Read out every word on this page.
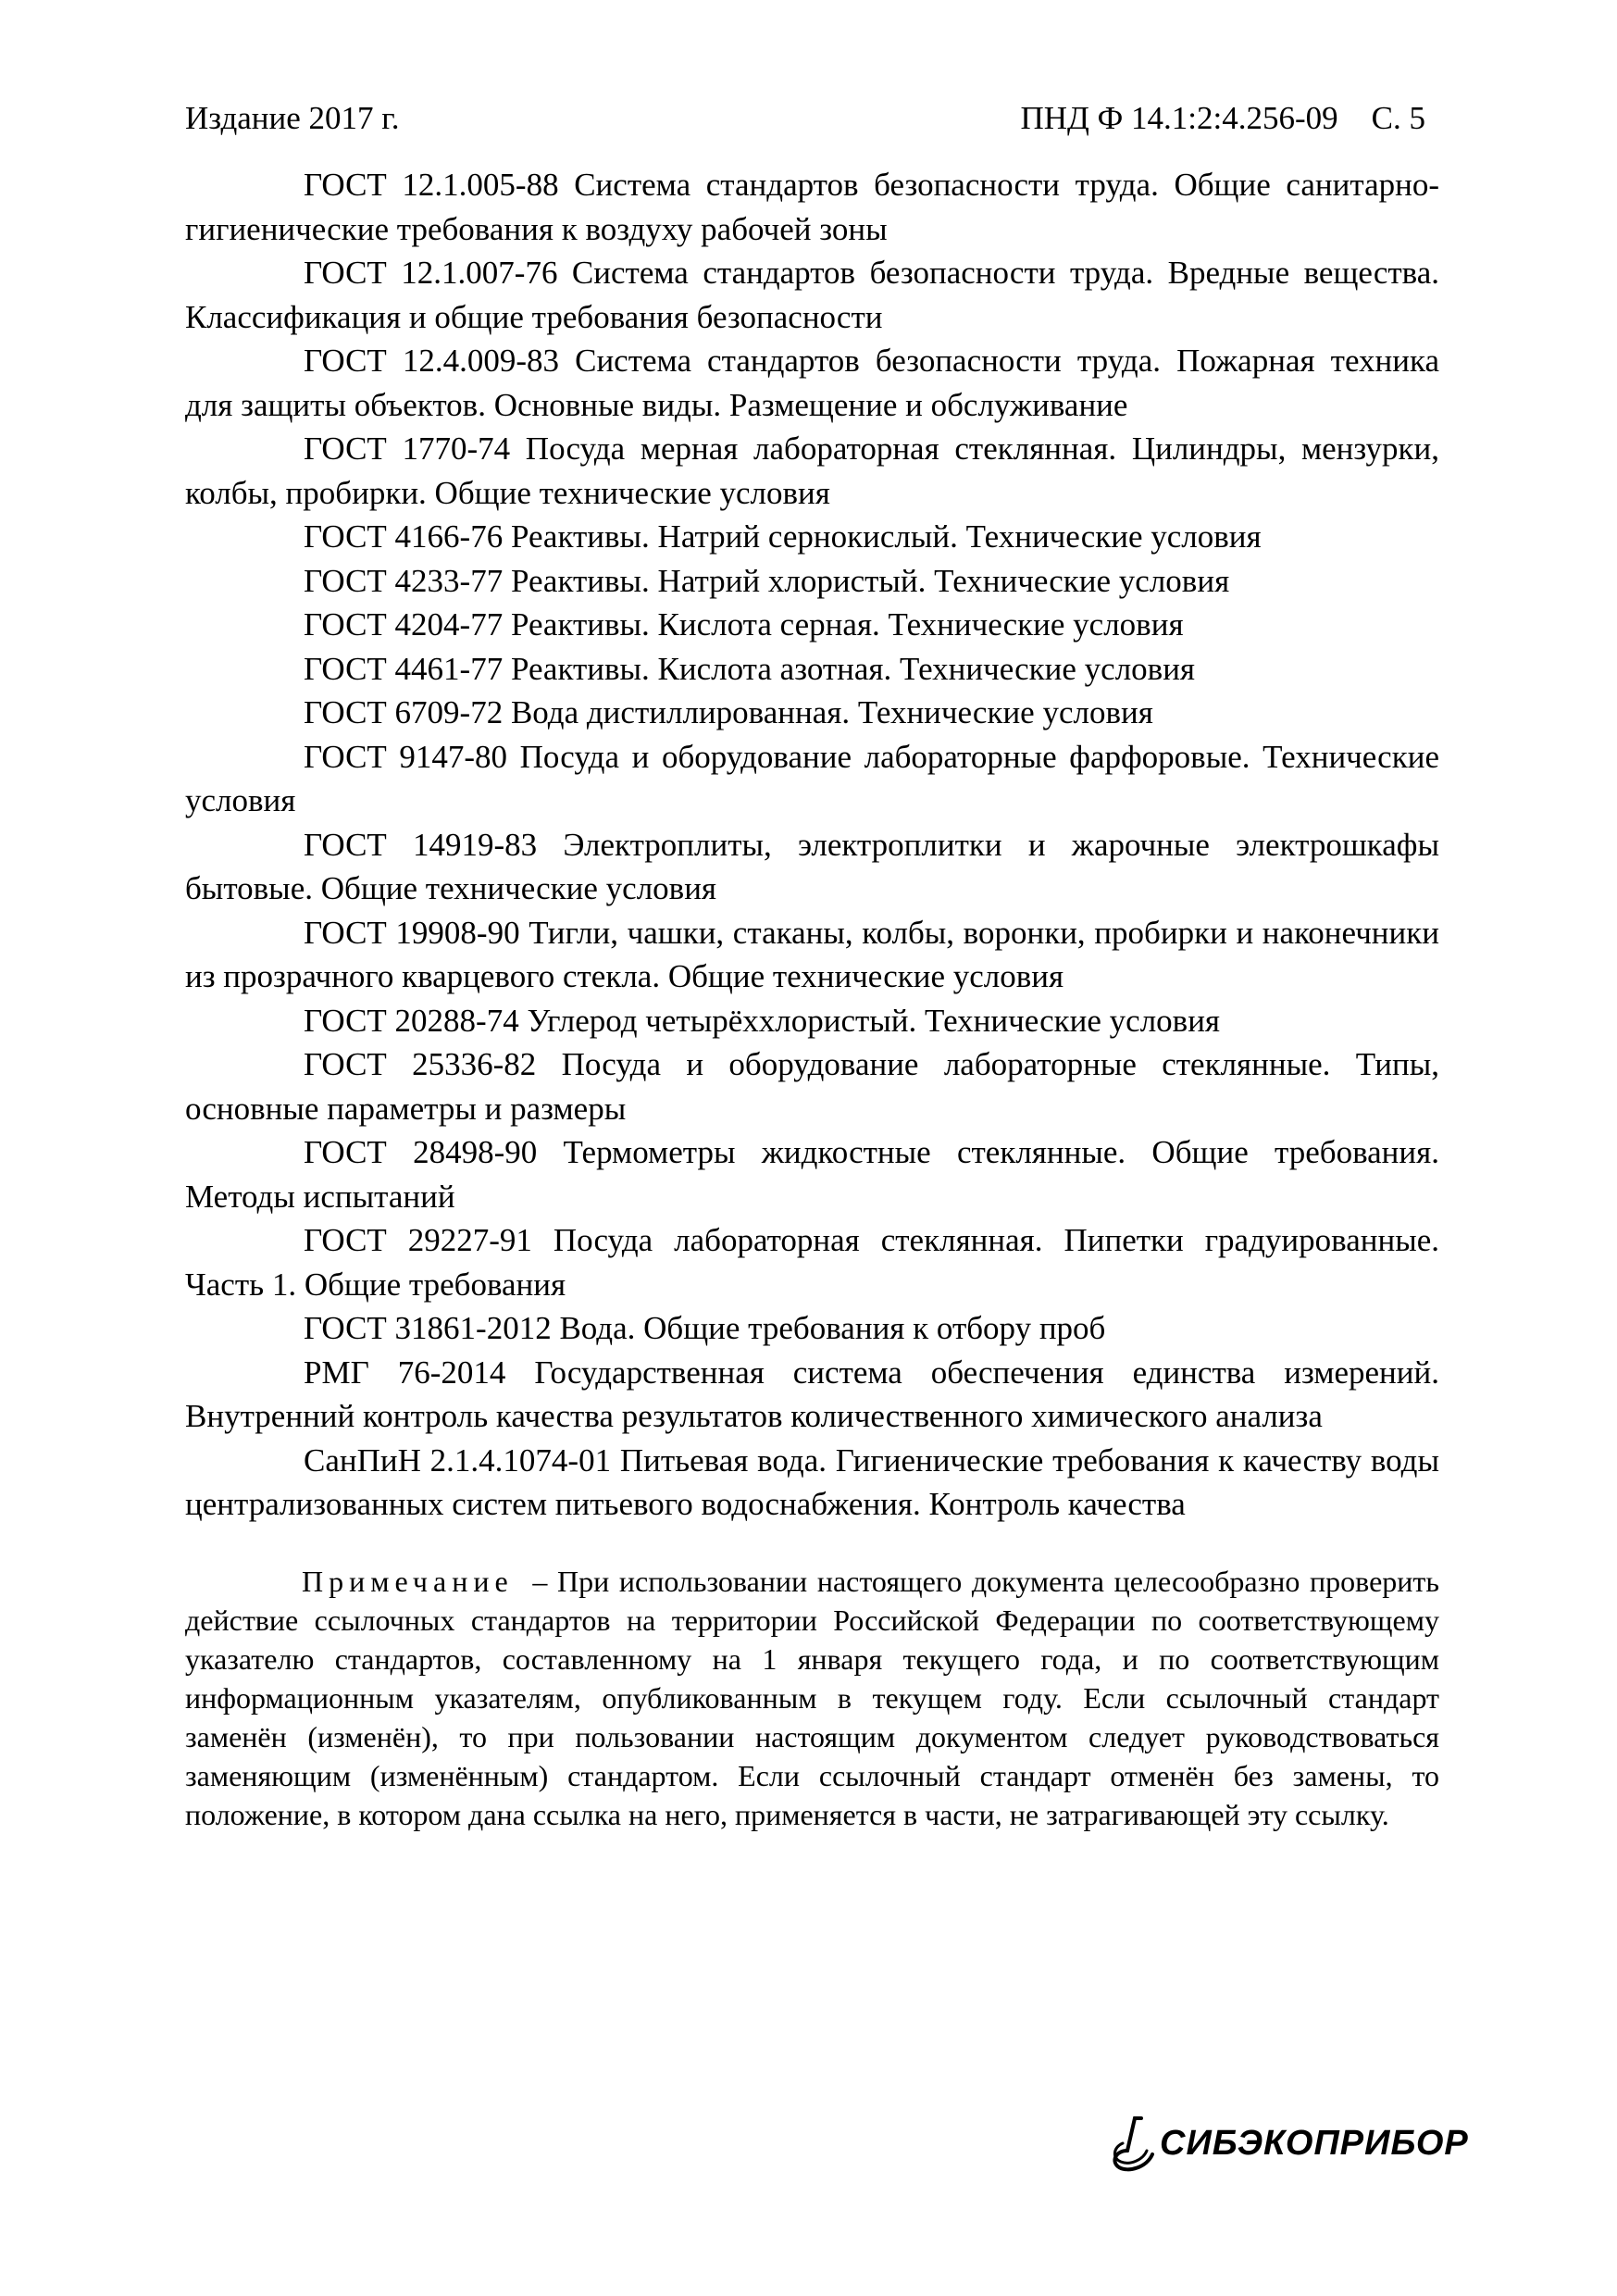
Издание 2017 г.	ПНД Ф 14.1:2:4.256-09 С. 5

ГОСТ 12.1.005-88 Система стандартов безопасности труда. Общие санитарно-гигиенические требования к воздуху рабочей зоны

ГОСТ 12.1.007-76 Система стандартов безопасности труда. Вредные вещества. Классификация и общие требования безопасности

ГОСТ 12.4.009-83 Система стандартов безопасности труда. Пожарная техника для защиты объектов. Основные виды. Размещение и обслуживание

ГОСТ 1770-74 Посуда мерная лабораторная стеклянная. Цилиндры, мензурки, колбы, пробирки. Общие технические условия

ГОСТ 4166-76 Реактивы. Натрий сернокислый. Технические условия

ГОСТ 4233-77 Реактивы. Натрий хлористый. Технические условия

ГОСТ 4204-77 Реактивы. Кислота серная. Технические условия

ГОСТ 4461-77 Реактивы. Кислота азотная. Технические условия

ГОСТ 6709-72 Вода дистиллированная. Технические условия

ГОСТ 9147-80 Посуда и оборудование лабораторные фарфоровые. Технические условия

ГОСТ 14919-83 Электроплиты, электроплитки и жарочные электрошкафы бытовые. Общие технические условия

ГОСТ 19908-90 Тигли, чашки, стаканы, колбы, воронки, пробирки и наконечники из прозрачного кварцевого стекла. Общие технические условия

ГОСТ 20288-74 Углерод четырёххлористый. Технические условия

ГОСТ 25336-82 Посуда и оборудование лабораторные стеклянные. Типы, основные параметры и размеры

ГОСТ 28498-90 Термометры жидкостные стеклянные. Общие требования. Методы испытаний

ГОСТ 29227-91 Посуда лабораторная стеклянная. Пипетки градуированные. Часть 1. Общие требования

ГОСТ 31861-2012 Вода. Общие требования к отбору проб

РМГ 76-2014 Государственная система обеспечения единства измерений. Внутренний контроль качества результатов количественного химического анализа

СанПиН 2.1.4.1074-01 Питьевая вода. Гигиенические требования к качеству воды централизованных систем питьевого водоснабжения. Контроль качества

Примечание – При использовании настоящего документа целесообразно проверить действие ссылочных стандартов на территории Российской Федерации по соответствующему указателю стандартов, составленному на 1 января текущего года, и по соответствующим информационным указателям, опубликованным в текущем году. Если ссылочный стандарт заменён (изменён), то при пользовании настоящим документом следует руководствоваться заменяющим (изменённым) стандартом. Если ссылочный стандарт отменён без замены, то положение, в котором дана ссылка на него, применяется в части, не затрагивающей эту ссылку.

СИБЭКОПРИБОР
